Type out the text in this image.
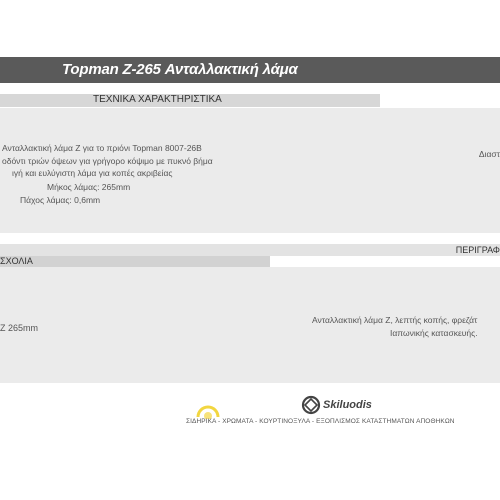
Topman Z-265 Ανταλλακτική λάμα
ΤΕΧΝΙΚΑ ΧΑΡΑΚΤΗΡΙΣΤΙΚΑ
Ανταλλακτική λάμα Z για το πριόνι Topman 8007-26B
οδόντι τριών όψεων για γρήγορο κόψιμο με πυκνό βήμα
ιγή και ευλύγιστη λάμα για κοπές ακριβείας
Μήκος λάμας: 265mm
Πάχος λάμας: 0,6mm
Διαστ
ΠΕΡΙΓΡΑΦ
ΣΧΟΛΙΑ
Z 265mm
Ανταλλακτική λάμα Z, λεπτής κοπής, φρεζάτ
Ιαπωνικής κατασκευής.
Skiluodis
ΣΙΔΗΡΙΚΑ - ΧΡΩΜΑΤΑ - ΚΟΥΡΤΙΝΟΞΥΛΑ - ΕΞΟΠΛΙΣΜΟΣ ΚΑΤΑΣΤΗΜΑΤΩΝ ΑΠΟΘΗΚΩΝ
